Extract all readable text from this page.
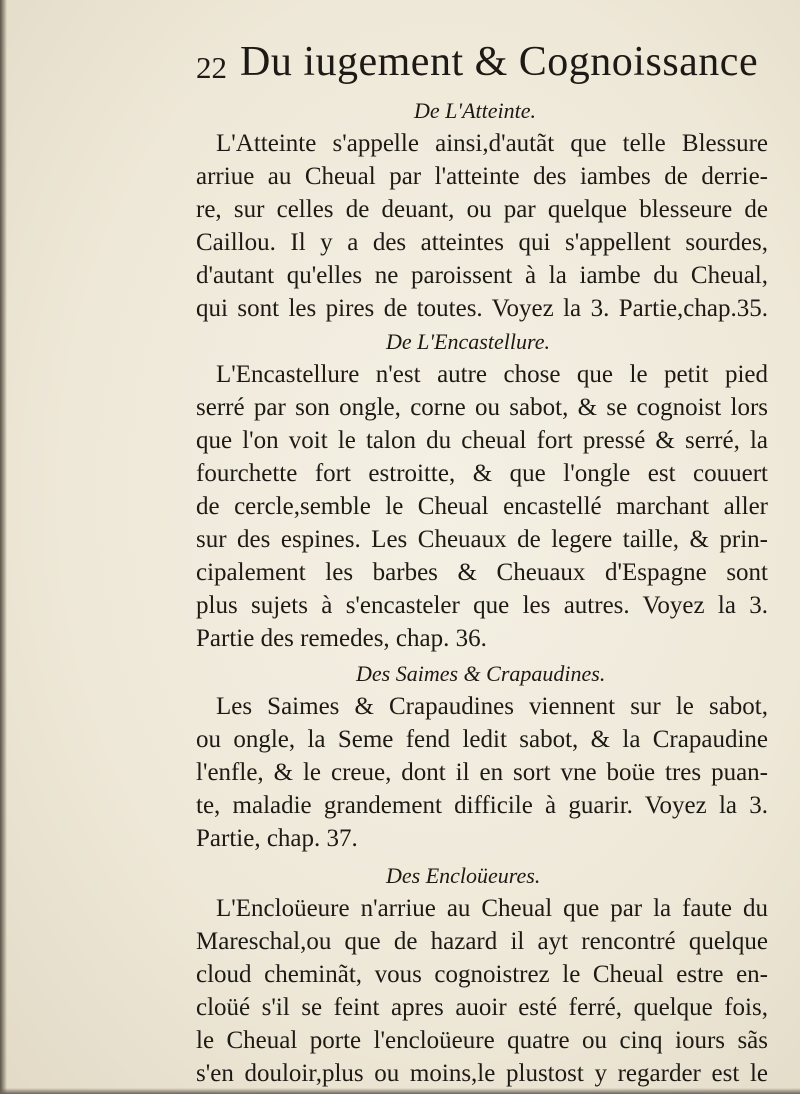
22 Du iugement & Cognoissance
De L'Atteinte.
L'Atteinte s'appelle ainsi,d'autãt que telle Blessure
arriue au Cheual par l'atteinte des iambes de derrie-
re, sur celles de deuant, ou par quelque blesseure de
Caillou. Il y a des atteintes qui s'appellent sourdes,
d'autant qu'elles ne paroissent à la iambe du Cheual,
qui sont les pires de toutes. Voyez la 3. Partie,chap.35.
De L'Encastellure.
L'Encastellure n'est autre chose que le petit pied
serré par son ongle, corne ou sabot, & se cognoist lors
que l'on voit le talon du cheual fort pressé & serré, la
fourchette fort estroitte, & que l'ongle est couuert
de cercle,semble le Cheual encastellé marchant aller
sur des espines. Les Cheuaux de legere taille, & prin-
cipalement les barbes & Cheuaux d'Espagne sont
plus sujets à s'encasteler que les autres. Voyez la 3.
Partie des remedes, chap. 36.
Des Saimes & Crapaudines.
Les Saimes & Crapaudines viennent sur le sabot,
ou ongle, la Seme fend ledit sabot, & la Crapaudine
l'enfle, & le creue, dont il en sort vne boüe tres puan-
te, maladie grandement difficile à guarir. Voyez la 3.
Partie, chap. 37.
Des Encloüeures.
L'Encloüeure n'arriue au Cheual que par la faute du
Mareschal,ou que de hazard il ayt rencontré quelque
cloud cheminãt, vous cognoistrez le Cheual estre en-
cloüé s'il se feint apres auoir esté ferré, quelque fois,
le Cheual porte l'encloüeure quatre ou cinq iours sãs
s'en douloir,plus ou moins,le plustost y regarder est le
